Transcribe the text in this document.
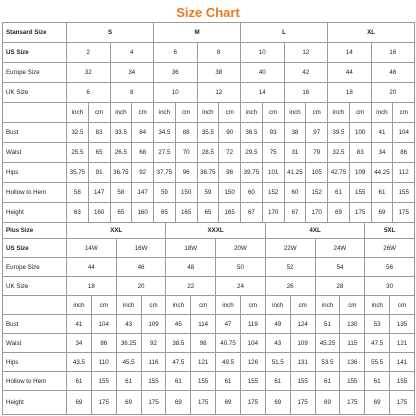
Size Chart
Stansard Size	S				M				L				XL			
US Size	2		4		6		8		10		12		14		16	
Europe Size	32		34		36		38		40		42		44		46	
UK Size	6		8		10		12		14		16		18		20	
	inch	cm	inch	cm	inch	cm	inch	cm	inch	cm	inch	cm	inch	cm	inch	cm
Bust	32.5	83	33.5	84	34.5	88	35.5	90	36.5	93	38	97	39.5	100	41	104
Waist	25.5	65	26.5	68	27.5	70	28.5	72	29.5	75	31	79	32.5	83	34	86
Hips	35.75	91	36.75	92	37.75	96	38.75	98	39.75	101	41.25	105	42.75	109	44.25	112
Hollow to Hem	58	147	58	147	59	150	59	150	60	152	60	152	61	155	61	155
Height	63	160	65	160	65	165	65	165	67	170	67	170	69	175	69	175
Plus Size	XXL				XXXL				4XL				5XL	
US Size	14W		16W		18W		20W		22W		24W		26W	
Europe Size	44		46		48		50		52		54		56	
UK Size	18		20		22		24		26		28		30	
	inch	cm	inch	cm	inch	cm	inch	cm	inch	cm	inch	cm	inch	cm
Bust	41	104	43	109	45	114	47	119	49	124	51	130	53	135
Waist	34	86	36.25	92	38.5	98	40.75	104	43	109	45.25	115	47.5	121
Hips	43.5	110	45.5	116	47.5	121	49.5	126	51.5	131	53.5	136	55.5	141
Hollow to Hem	61	155	61	155	61	155	61	155	61	155	61	155	61	155
Height	69	175	69	175	69	175	69	175	69	175	69	175	69	175
